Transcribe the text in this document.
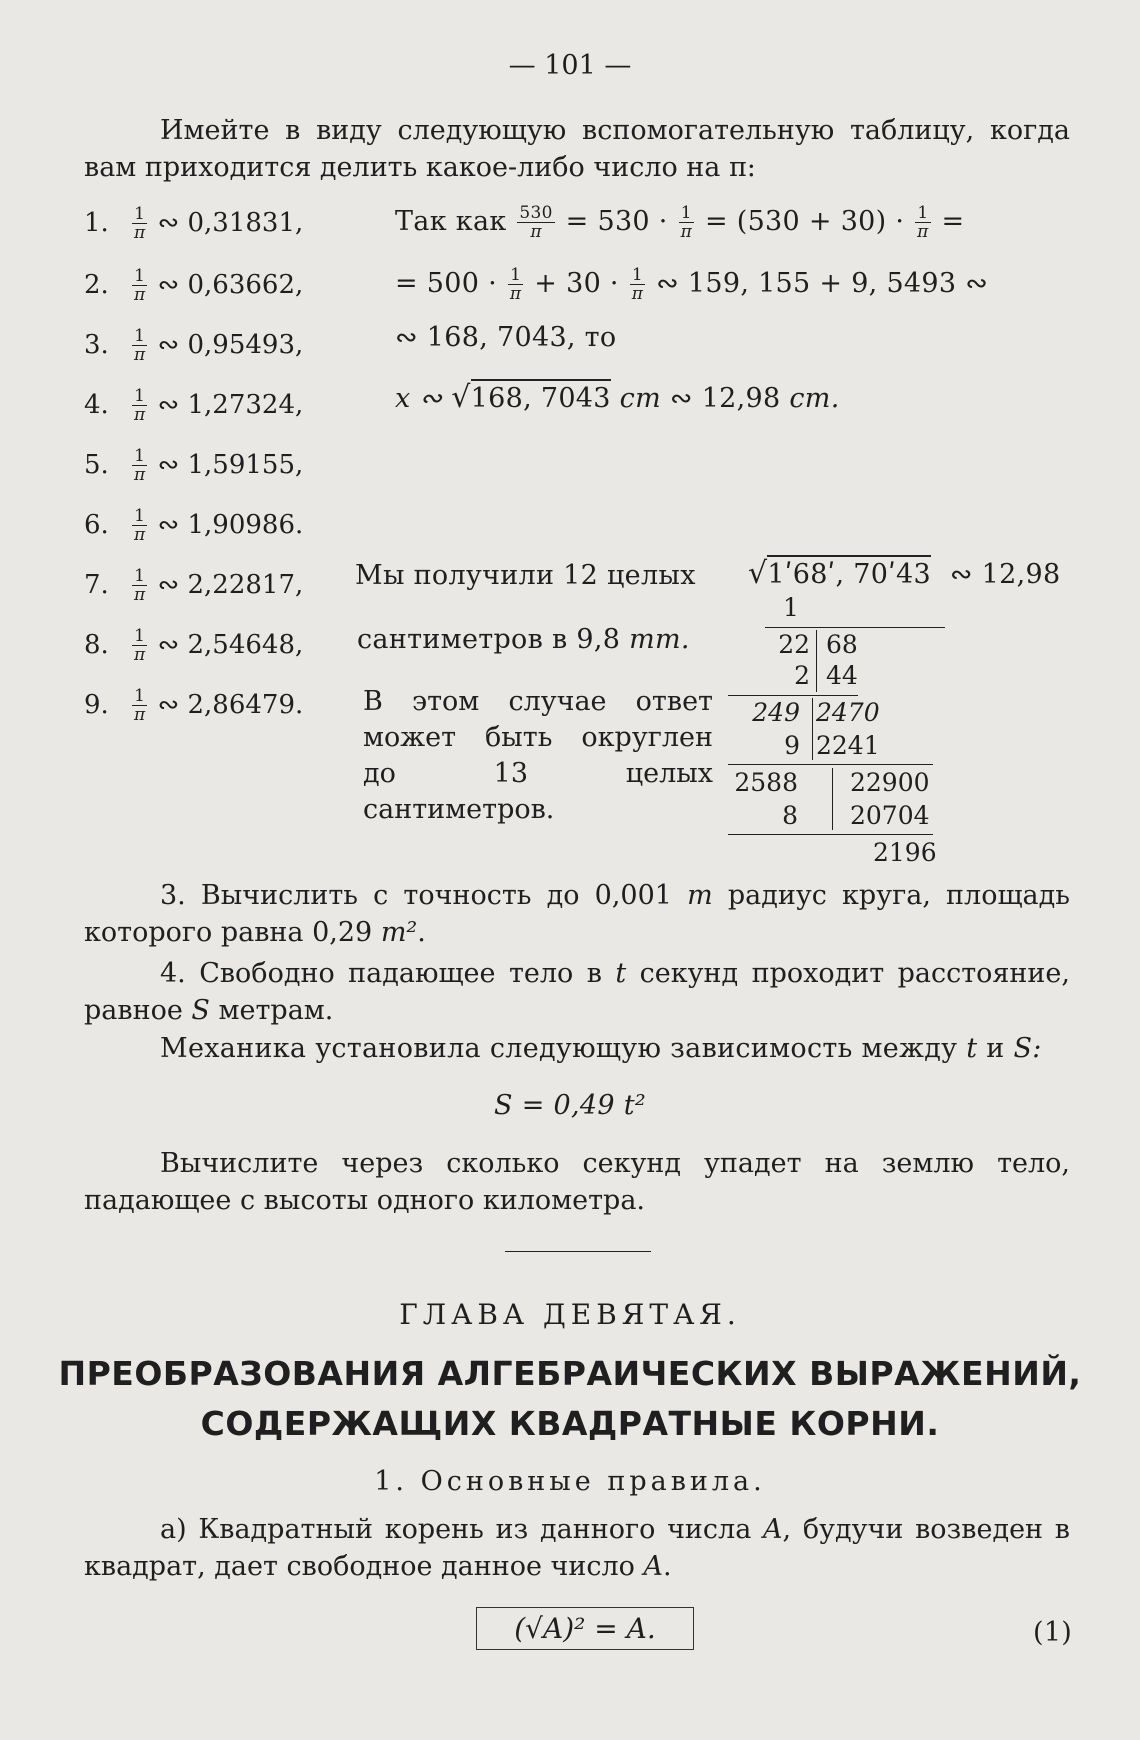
— 101 —
Имейте в виду следующую вспомогательную таблицу, когда вам приходится делить какое-либо число на π:
1. $\frac{1}{\pi}$ ∾ 0,31831,
2. $\frac{1}{\pi}$ ∾ 0,63662,
3. $\frac{1}{\pi}$ ∾ 0,95493,
4. $\frac{1}{\pi}$ ∾ 1,27324,
5. $\frac{1}{\pi}$ ∾ 1,59155,
6. $\frac{1}{\pi}$ ∾ 1,90986.
7. $\frac{1}{\pi}$ ∾ 2,22817,
8. $\frac{1}{\pi}$ ∾ 2,54648,
9. $\frac{1}{\pi}$ ∾ 2,86479.
Так как $\frac{530}{\pi} = 530 \cdot \frac{1}{\pi} = (530 + 30) \cdot \frac{1}{\pi}$ =
= $500 \cdot \frac{1}{\pi} + 30 \cdot \frac{1}{\pi}$ ∾ 159, 155 + 9, 5493 ∾
∾ 168, 7043, то
x ∾ √168, 7043 cm ∾ 12,98 cm.
Мы получили 12 целых
сантиметров в 9,8 mm.
В этом случае ответ может быть округлен до 13 целых сантиметров.
√1ʹ68ʹ, 70ʹ43 ∾ 12,98
1
22 68
2 44
249 2470
9 2241
2588 22900
8 20704
2196
3. Вычислить с точность до 0,001 m радиус круга, площадь которого равна 0,29 m².
4. Свободно падающее тело в t секунд проходит расстояние, равное S метрам.
Механика установила следующую зависимость между t и S:
S = 0,49 t²
Вычислите через сколько секунд упадет на землю тело, падающее с высоты одного километра.
ГЛАВА ДЕВЯТАЯ.
ПРЕОБРАЗОВАНИЯ АЛГЕБРАИЧЕСКИХ ВЫРАЖЕНИЙ,
СОДЕРЖАЩИХ КВАДРАТНЫЕ КОРНИ.
1. Основные правила.
а) Квадратный корень из данного числа A, будучи возведен в квадрат, дает свободное данное число A.
(√A)² = A.	(1)
